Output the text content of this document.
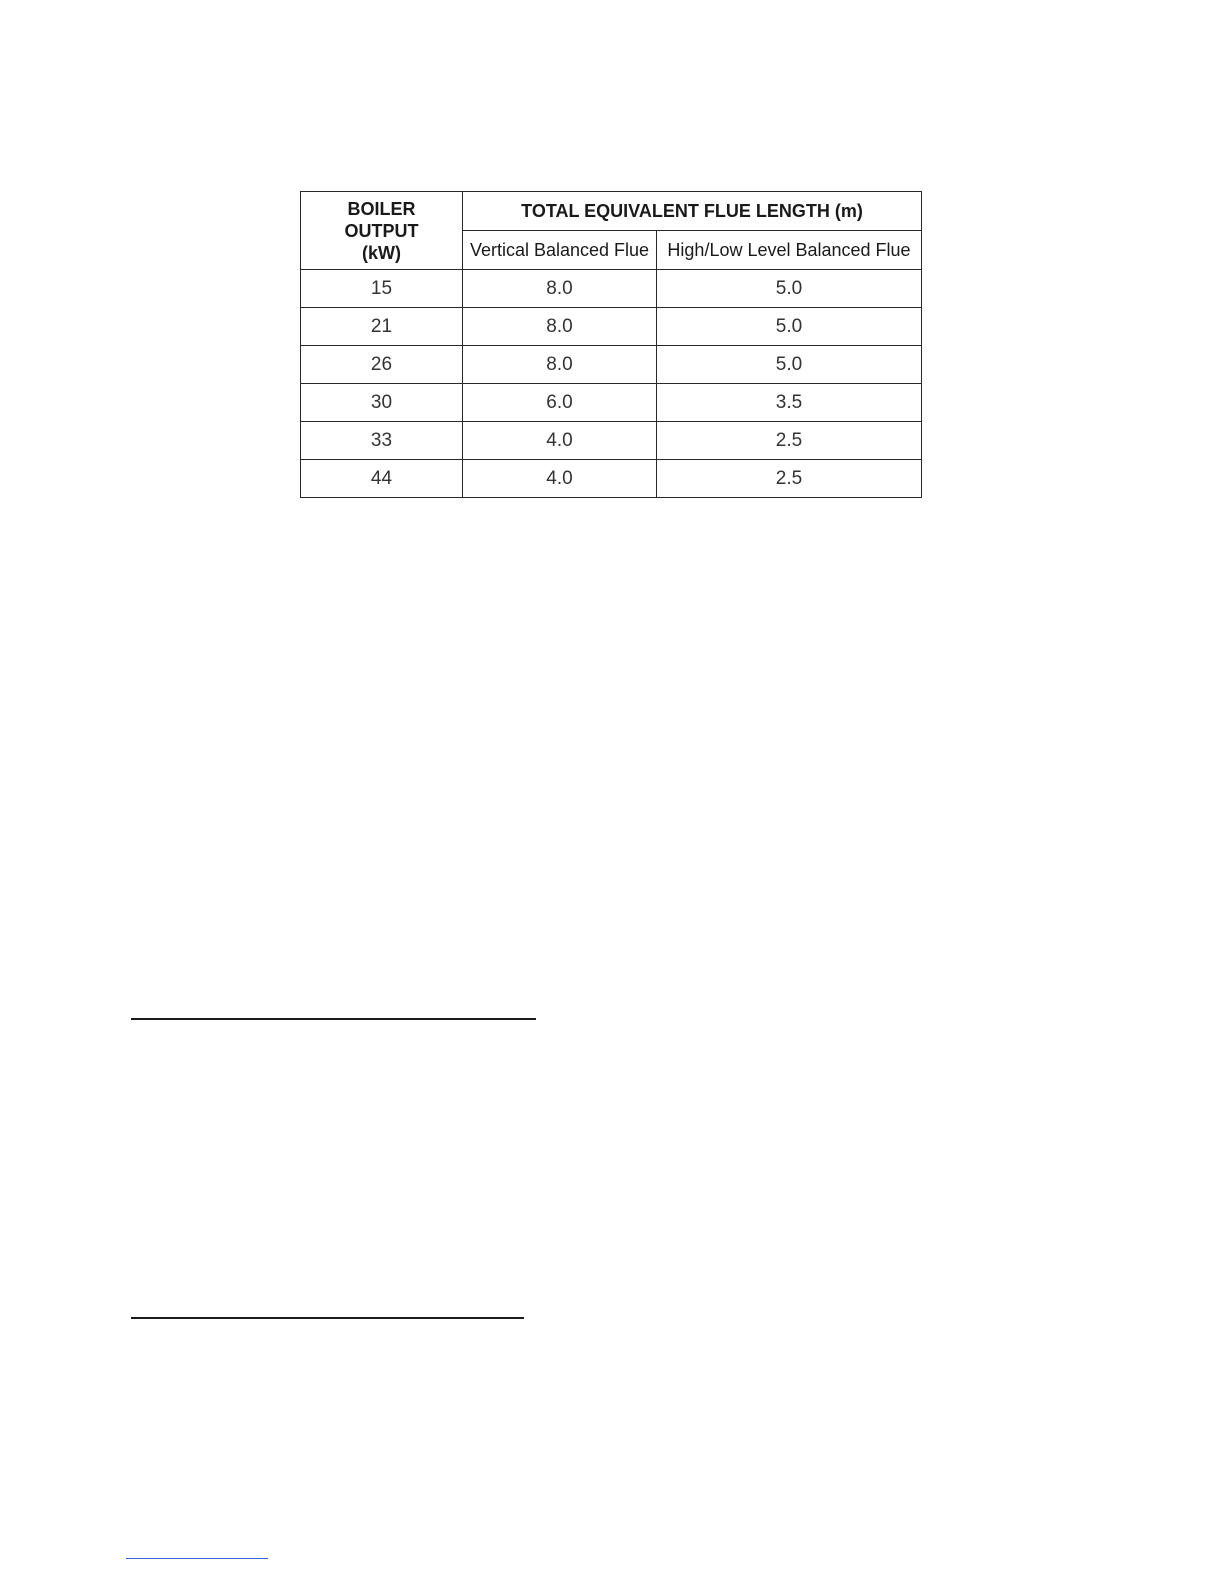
BOILER
OUTPUT
(kW)	TOTAL EQUIVALENT FLUE LENGTH (m)	
	Vertical Balanced Flue	High/Low Level Balanced Flue
15	8.0	5.0
21	8.0	5.0
26	8.0	5.0
30	6.0	3.5
33	4.0	2.5
44	4.0	2.5
